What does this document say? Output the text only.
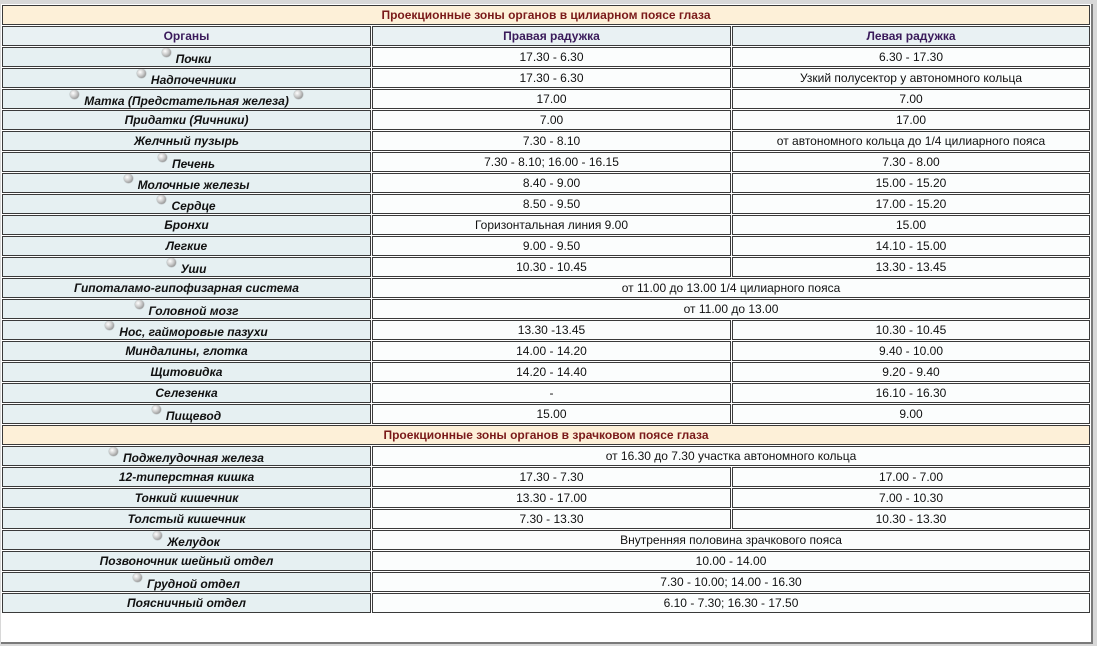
Проекционные зоны органов в цилиарном поясе глаза		
Органы	Правая радужка	Левая радужка
Почки	17.30 - 6.30	6.30 - 17.30
Надпочечники	17.30 - 6.30	Узкий полусектор у автономного кольца
Матка (Предстательная железа)	17.00	7.00
Придатки (Яичники)	7.00	17.00
Желчный пузырь	7.30 - 8.10	от автономного кольца до 1/4 цилиарного пояса
Печень	7.30 - 8.10; 16.00 - 16.15	7.30 - 8.00
Молочные железы	8.40 - 9.00	15.00 - 15.20
Сердце	8.50 - 9.50	17.00 - 15.20
Бронхи	Горизонтальная линия 9.00	15.00
Легкие	9.00 - 9.50	14.10 - 15.00
Уши	10.30 - 10.45	13.30 - 13.45
Гипоталамо-гипофизарная система	от 11.00 до 13.00 1/4 цилиарного пояса	
Головной мозг	от 11.00 до 13.00	
Нос, гайморовые пазухи	13.30 -13.45	10.30 - 10.45
Миндалины, глотка	14.00 - 14.20	9.40 - 10.00
Щитовидка	14.20 - 14.40	9.20 - 9.40
Селезенка	-	16.10 - 16.30
Пищевод	15.00	9.00
Проекционные зоны органов в зрачковом поясе глаза		
Поджелудочная железа	от 16.30 до 7.30 участка автономного кольца	
12-типерстная кишка	17.30 - 7.30	17.00 - 7.00
Тонкий кишечник	13.30 - 17.00	7.00 - 10.30
Толстый кишечник	7.30 - 13.30	10.30 - 13.30
Желудок	Внутренняя половина зрачкового пояса	
Позвоночник шейный отдел	10.00 - 14.00	
Грудной отдел	7.30 - 10.00; 14.00 - 16.30	
Поясничный отдел	6.10 - 7.30; 16.30 - 17.50	
